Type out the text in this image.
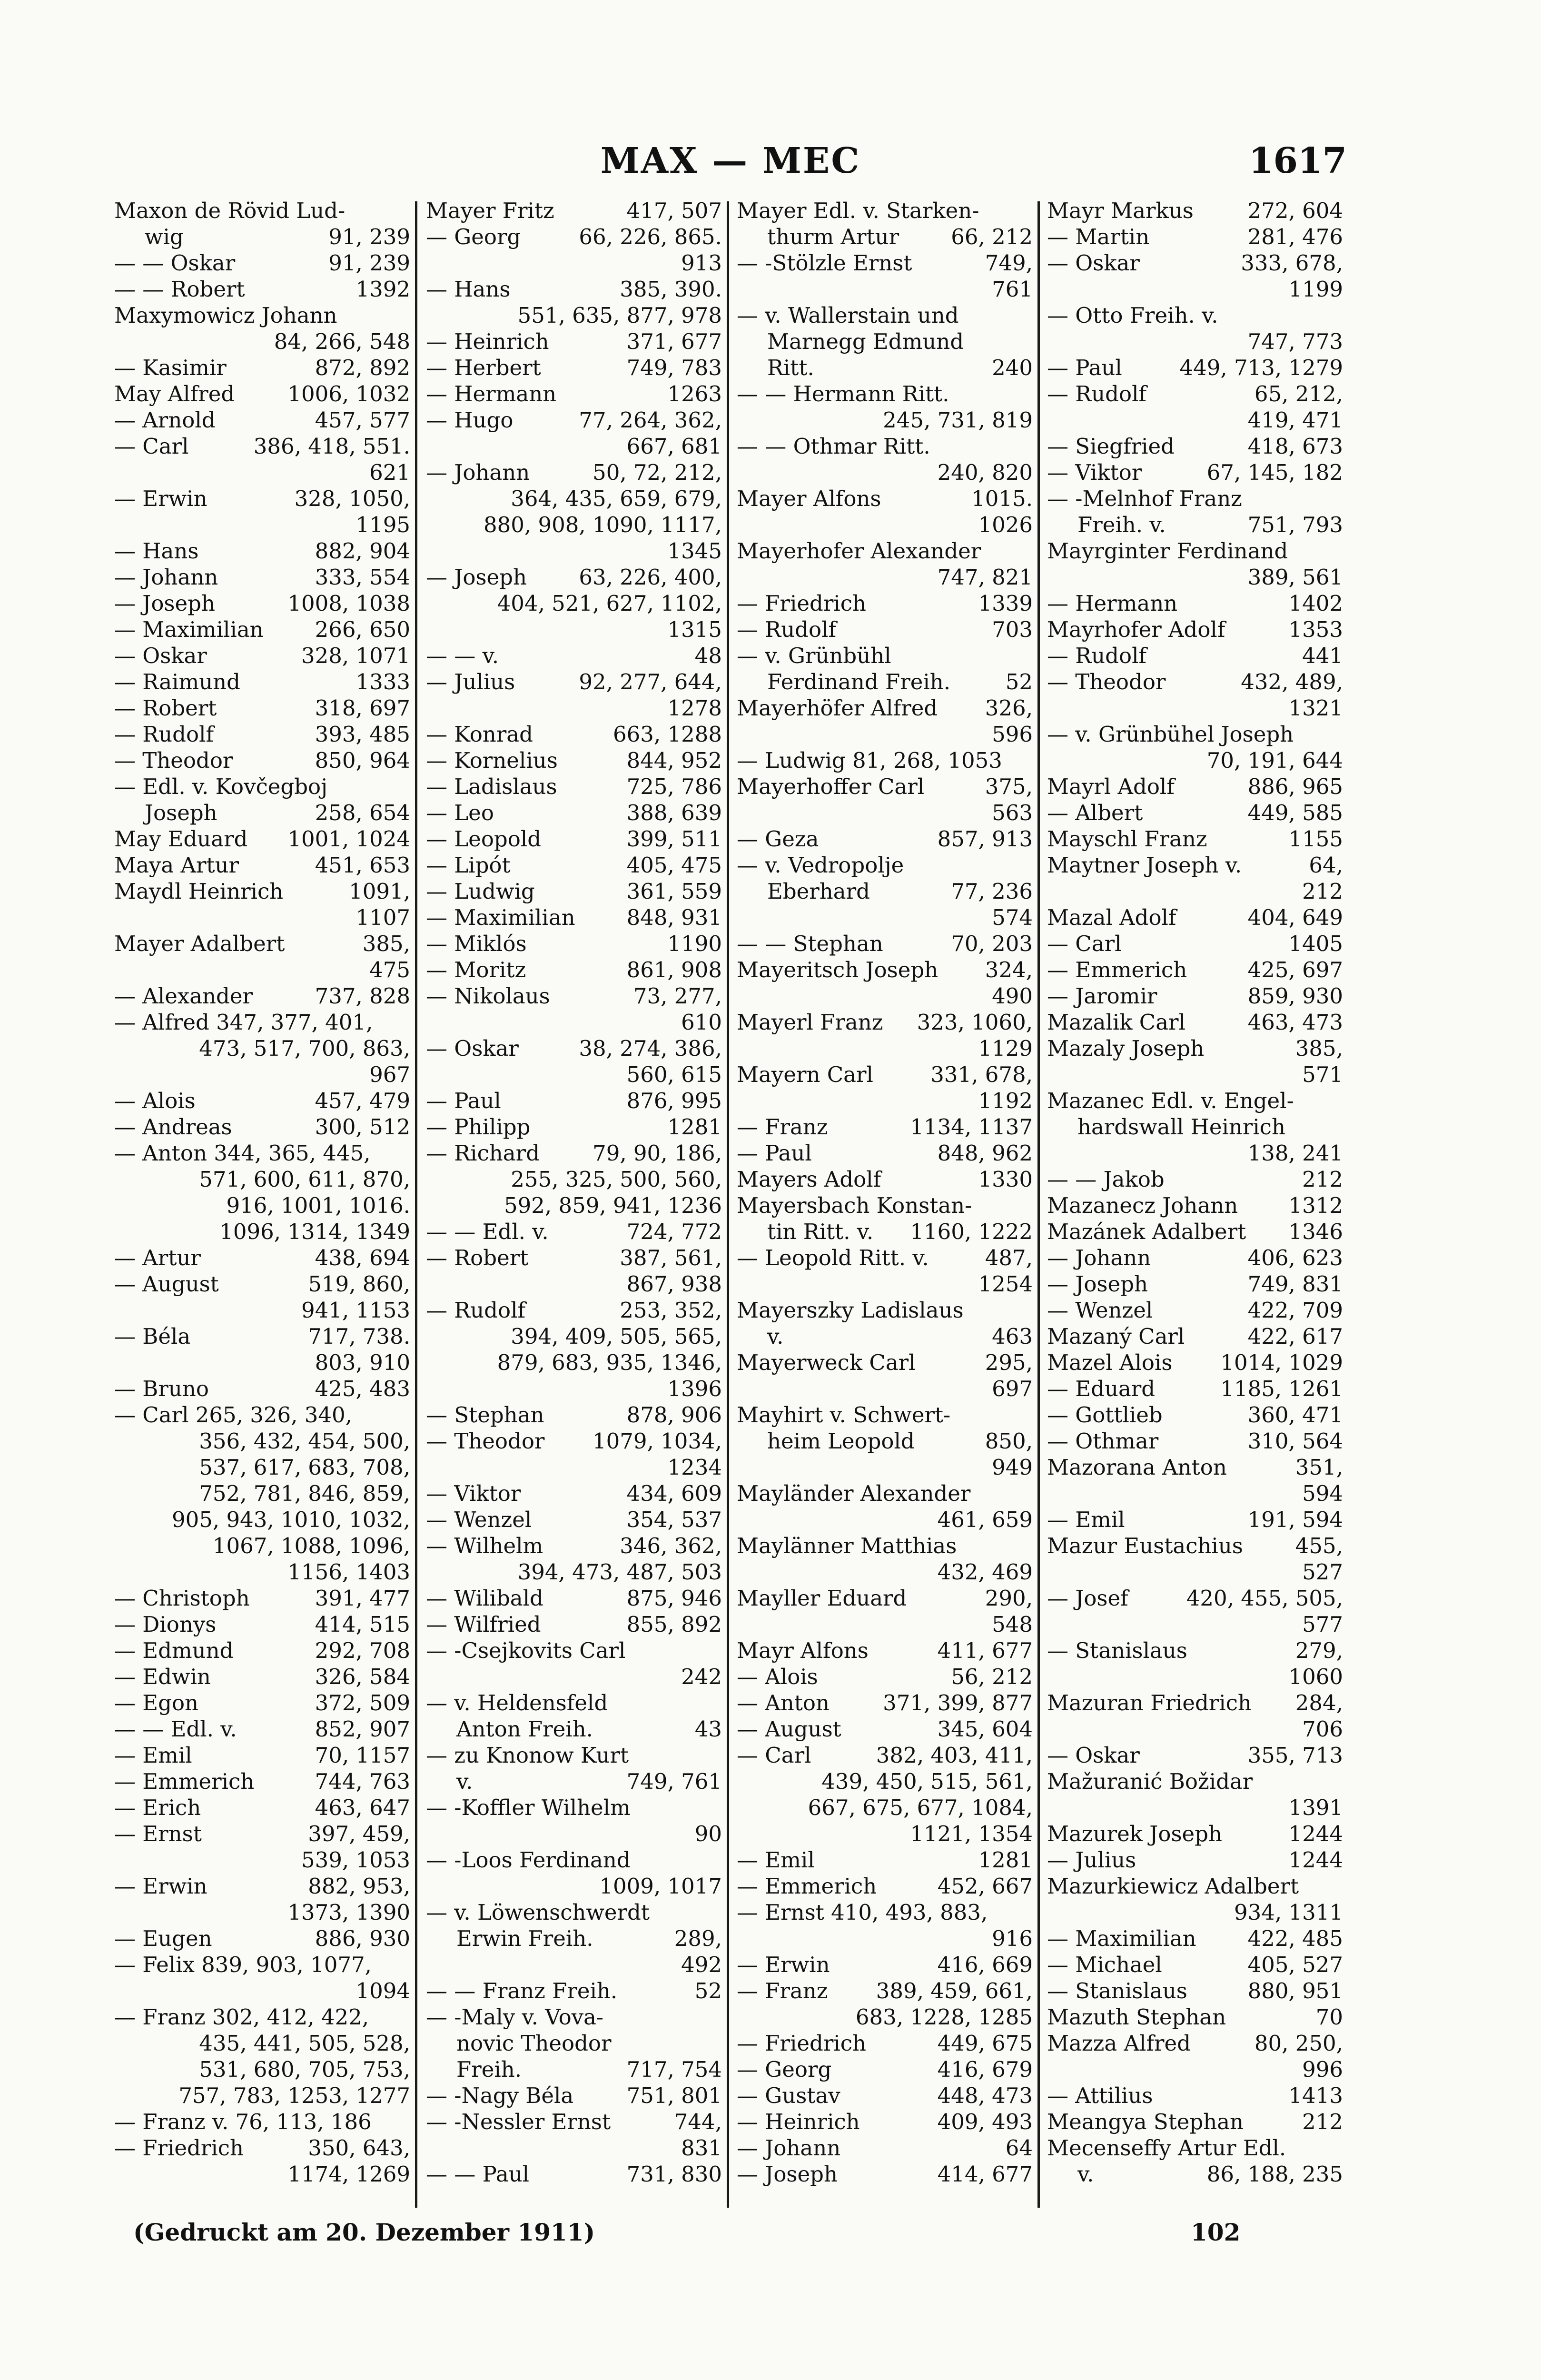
MAX — MEC	1617
Maxon de Rövid Lud-
wig	91, 239
— — Oskar	91, 239
— — Robert	1392
Maxymowicz Johann
84, 266, 548
— Kasimir	872, 892
May Alfred 1006, 1032
— Arnold	457, 577
— Carl	386, 418, 551.
621
— Erwin	328, 1050,
1195
— Hans	882, 904
— Johann	333, 554
— Joseph	1008, 1038
— Maximilian 266, 650
— Oskar	328, 1071
— Raimund	1333
— Robert	318, 697
— Rudolf	393, 485
— Theodor	850, 964
— Edl. v. Kovčegboj
Joseph	258, 654
May Eduard 1001, 1024
Maya Artur	451, 653
Maydl Heinrich	1091,
1107
Mayer Adalbert	385,
475
— Alexander	737, 828
— Alfred 347, 377, 401,
473, 517, 700, 863,
967
— Alois	457, 479
— Andreas	300, 512
— Anton 344, 365, 445,
571, 600, 611, 870,
916, 1001, 1016.
1096, 1314, 1349
— Artur	438, 694
— August	519, 860,
941, 1153
— Béla	717, 738.
803, 910
— Bruno	425, 483
— Carl 265, 326, 340,
356, 432, 454, 500,
537, 617, 683, 708,
752, 781, 846, 859,
905, 943, 1010, 1032,
1067, 1088, 1096,
1156, 1403
— Christoph	391, 477
— Dionys	414, 515
— Edmund	292, 708
— Edwin	326, 584
— Egon	372, 509
— — Edl. v.	852, 907
— Emil	70, 1157
— Emmerich	744, 763
— Erich	463, 647
— Ernst	397, 459,
539, 1053
— Erwin	882, 953,
1373, 1390
— Eugen	886, 930
— Felix 839, 903, 1077,
1094
— Franz 302, 412, 422,
435, 441, 505, 528,
531, 680, 705, 753,
757, 783, 1253, 1277
— Franz v. 76, 113, 186
— Friedrich	350, 643,
1174, 1269
Mayer Fritz	417, 507
— Georg	66, 226, 865.
913
— Hans	385, 390.
551, 635, 877, 978
— Heinrich	371, 677
— Herbert	749, 783
— Hermann	1263
— Hugo	77, 264, 362,
667, 681
— Johann	50, 72, 212,
364, 435, 659, 679,
880, 908, 1090, 1117,
1345
— Joseph 63, 226, 400,
404, 521, 627, 1102,
1315
— — v.	48
— Julius	92, 277, 644,
1278
— Konrad	663, 1288
— Kornelius	844, 952
— Ladislaus	725, 786
— Leo	388, 639
— Leopold	399, 511
— Lipót	405, 475
— Ludwig	361, 559
— Maximilian 848, 931
— Miklós	1190
— Moritz	861, 908
— Nikolaus	73, 277,
610
— Oskar	38, 274, 386,
560, 615
— Paul	876, 995
— Philipp	1281
— Richard 79, 90, 186,
255, 325, 500, 560,
592, 859, 941, 1236
— — Edl. v.	724, 772
— Robert	387, 561,
867, 938
— Rudolf	253, 352,
394, 409, 505, 565,
879, 683, 935, 1346,
1396
— Stephan	878, 906
— Theodor 1079, 1034,
1234
— Viktor	434, 609
— Wenzel	354, 537
— Wilhelm	346, 362,
394, 473, 487, 503
— Wilibald	875, 946
— Wilfried	855, 892
— -Csejkovits Carl
242
— v. Heldensfeld
Anton Freih.	43
— zu Knonow Kurt
v.	749, 761
— -Koffler Wilhelm
90
— -Loos Ferdinand
1009, 1017
— v. Löwenschwerdt
Erwin Freih.	289,
492
— — Franz Freih.	52
— -Maly v. Vova-
novic Theodor
Freih.	717, 754
— -Nagy Béla 751, 801
— -Nessler Ernst	744,
831
— — Paul	731, 830
Mayer Edl. v. Starken-
thurm Artur 66, 212
— -Stölzle Ernst	749,
761
— v. Wallerstain und
Marnegg Edmund
Ritt.	240
— — Hermann Ritt.
245, 731, 819
— — Othmar Ritt.
240, 820
Mayer Alfons	1015.
1026
Mayerhofer Alexander
747, 821
— Friedrich	1339
— Rudolf	703
— v. Grünbühl
Ferdinand Freih.	52
Mayerhöfer Alfred 326,
596
— Ludwig 81, 268, 1053
Mayerhoffer Carl	375,
563
— Geza	857, 913
— v. Vedropolje
Eberhard	77, 236
574
— — Stephan	70, 203
Mayeritsch Joseph 324,
490
Mayerl Franz 323, 1060,
1129
Mayern Carl	331, 678,
1192
— Franz	1134, 1137
— Paul	848, 962
Mayers Adolf	1330
Mayersbach Konstan-
tin Ritt. v. 1160, 1222
— Leopold Ritt. v.	487,
1254
Mayerszky Ladislaus
v.	463
Mayerweck Carl	295,
697
Mayhirt v. Schwert-
heim Leopold	850,
949
Mayländer Alexander
461, 659
Maylänner Matthias
432, 469
Mayller Eduard	290,
548
Mayr Alfons	411, 677
— Alois	56, 212
— Anton 371, 399, 877
— August	345, 604
— Carl	382, 403, 411,
439, 450, 515, 561,
667, 675, 677, 1084,
1121, 1354
— Emil	1281
— Emmerich	452, 667
— Ernst 410, 493, 883,
916
— Erwin	416, 669
— Franz 389, 459, 661,
683, 1228, 1285
— Friedrich	449, 675
— Georg	416, 679
— Gustav	448, 473
— Heinrich	409, 493
— Johann	64
— Joseph	414, 677
Mayr Markus	272, 604
— Martin	281, 476
— Oskar	333, 678,
1199
— Otto Freih. v.
747, 773
— Paul	449, 713, 1279
— Rudolf	65, 212,
419, 471
— Siegfried	418, 673
— Viktor	67, 145, 182
— -Melnhof Franz
Freih. v.	751, 793
Mayrginter Ferdinand
389, 561
— Hermann	1402
Mayrhofer Adolf	1353
— Rudolf	441
— Theodor	432, 489,
1321
— v. Grünbühel Joseph
70, 191, 644
Mayrl Adolf	886, 965
— Albert	449, 585
Mayschl Franz	1155
Maytner Joseph v.	64,
212
Mazal Adolf	404, 649
— Carl	1405
— Emmerich	425, 697
— Jaromir	859, 930
Mazalik Carl	463, 473
Mazaly Joseph	385,
571
Mazanec Edl. v. Engel-
hardswall Heinrich
138, 241
— — Jakob	212
Mazanecz Johann 1312
Mazánek Adalbert 1346
— Johann	406, 623
— Joseph	749, 831
— Wenzel	422, 709
Mazaný Carl	422, 617
Mazel Alois 1014, 1029
— Eduard	1185, 1261
— Gottlieb	360, 471
— Othmar	310, 564
Mazorana Anton	351,
594
— Emil	191, 594
Mazur Eustachius 455,
527
— Josef	420, 455, 505,
577
— Stanislaus	279,
1060
Mazuran Friedrich 284,
706
— Oskar	355, 713
Mažuranić Božidar
1391
Mazurek Joseph	1244
— Julius	1244
Mazurkiewicz Adalbert
934, 1311
— Maximilian 422, 485
— Michael	405, 527
— Stanislaus	880, 951
Mazuth Stephan	70
Mazza Alfred	80, 250,
996
— Attilius	1413
Meangya Stephan	212
Mecenseffy Artur Edl.
v.	86, 188, 235
(Gedruckt am 20. Dezember 1911)	102
